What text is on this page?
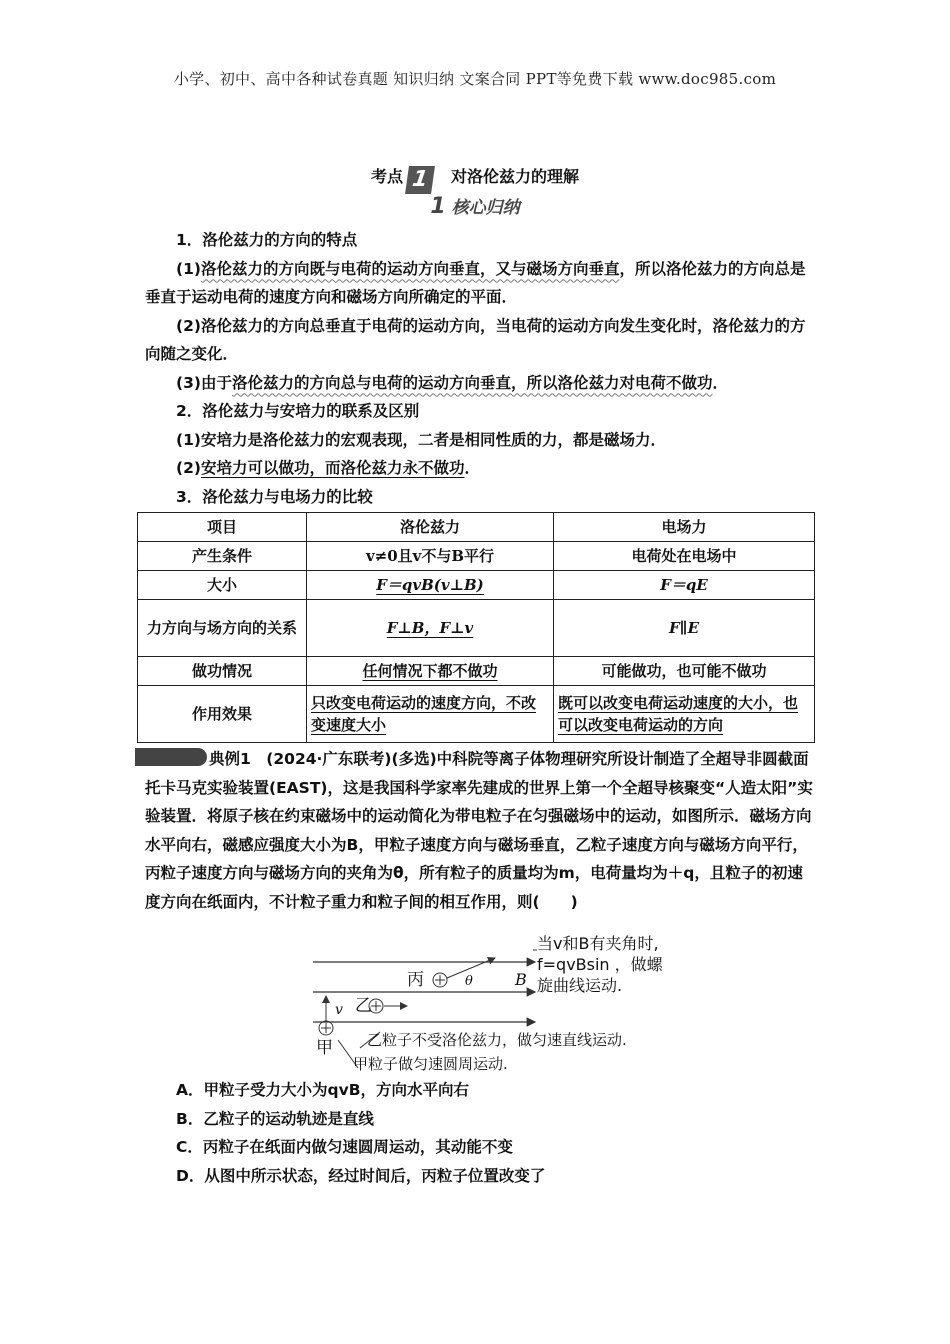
小学、初中、高中各种试卷真题 知识归纳 文案合同 PPT等免费下载 www.doc985.com
考点 1 对洛伦兹力的理解
1 核心归纳

1．洛伦兹力的方向的特点

(1)洛伦兹力的方向既与电荷的运动方向垂直，又与磁场方向垂直，所以洛伦兹力的方向总是垂直于运动电荷的速度方向和磁场方向所确定的平面．

(2)洛伦兹力的方向总垂直于电荷的运动方向，当电荷的运动方向发生变化时，洛伦兹力的方向随之变化．

(3)由于洛伦兹力的方向总与电荷的运动方向垂直，所以洛伦兹力对电荷不做功．

2．洛伦兹力与安培力的联系及区别

(1)安培力是洛伦兹力的宏观表现，二者是相同性质的力，都是磁场力．

(2)安培力可以做功，而洛伦兹力永不做功．

3．洛伦兹力与电场力的比较

项目	洛伦兹力	电场力
产生条件	v≠0且v不与B平行	电荷处在电场中
大小	F＝qvB(v⊥B)	F＝qE
力方向与场方向的关系	F⊥B，F⊥v	F∥E
做功情况	任何情况下都不做功	可能做功，也可能不做功
作用效果	只改变电荷运动的速度方向，不改变速度大小	既可以改变电荷运动速度的大小，也可以改变电荷运动的方向

典例1　(2024·广东联考)(多选)中科院等离子体物理研究所设计制造了全超导非圆截面托卡马克实验装置(EAST)，这是我国科学家率先建成的世界上第一个全超导核聚变“人造太阳”实验装置．将原子核在约束磁场中的运动简化为带电粒子在匀强磁场中的运动，如图所示．磁场方向水平向右，磁感应强度大小为B，甲粒子速度方向与磁场垂直，乙粒子速度方向与磁场方向平行，丙粒子速度方向与磁场方向的夹角为θ，所有粒子的质量均为m，电荷量均为＋q，且粒子的初速度方向在纸面内，不计粒子重力和粒子间的相互作用，则(　　)

丙
乙
甲
v
B
θ
当v和B有夹角时,
f=qvBsin ，做螺
旋曲线运动.
乙粒子不受洛伦兹力，做匀速直线运动.
甲粒子做匀速圆周运动.

A．甲粒子受力大小为qvB，方向水平向右

B．乙粒子的运动轨迹是直线

C．丙粒子在纸面内做匀速圆周运动，其动能不变

D．从图中所示状态，经过时间后，丙粒子位置改变了
